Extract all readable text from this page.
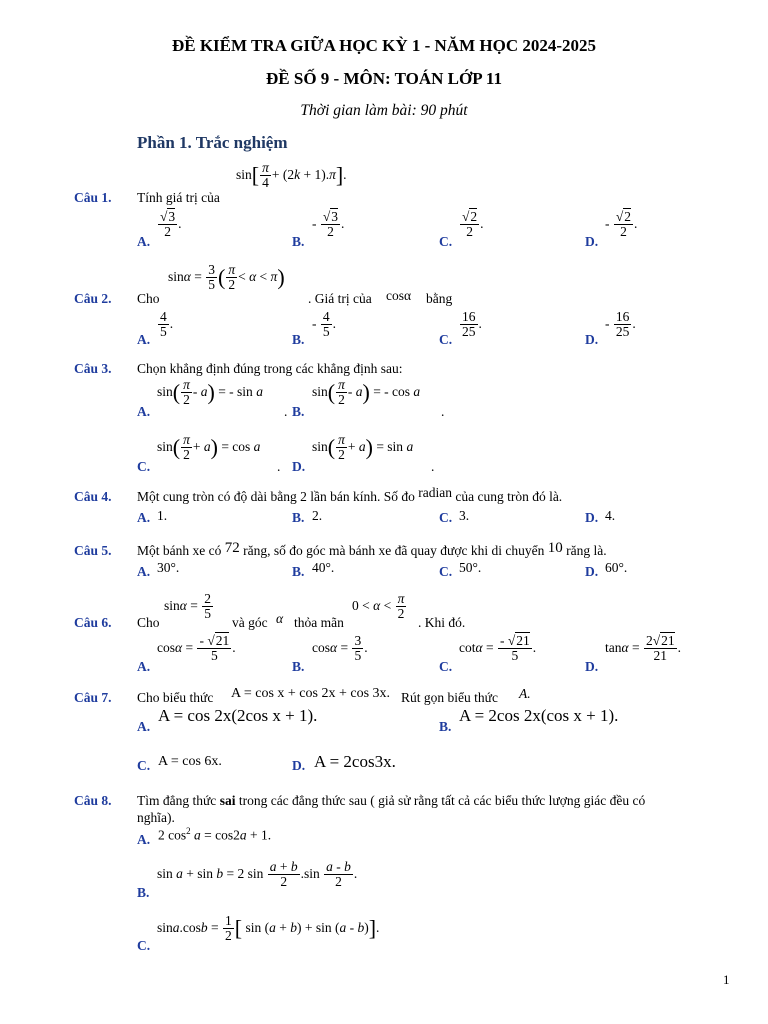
ĐỀ KIỂM TRA GIỮA HỌC KỲ 1 - NĂM HỌC 2024-2025
ĐỀ SỐ 9 - MÔN: TOÁN LỚP 11
Thời gian làm bài: 90 phút
Phần 1. Trắc nghiệm
Câu 1. Tính giá trị của
$\sin[ \frac{\pi}{4} + (2k + 1).\pi]$.
A.
$\frac{√3}{2}$ .
B.
- $\frac{√3}{2}$ .
C.
$\frac{√2}{2}$ .
D.
- $\frac{√2}{2}$ .
Câu 2. Cho
$\sin\alpha = \frac{3}{5}$ ( $\frac{\pi}{2} < \alpha < \pi$)
. Giá trị của cosα bằng
A.
$\frac{4}{5}$ .
B.
- $\frac{4}{5}$ .
C.
$\frac{16}{25}$ .
D.
- $\frac{16}{25}$ .
Câu 3. Chọn khẳng định đúng trong các khẳng định sau:
A.
$\sin( \frac{\pi}{2} - a)$ = - sin a
. B.
$\sin( \frac{\pi}{2} - a)$ = - cos a
.
C.
$\sin( \frac{\pi}{2} + a) = \cos a$
. D.
$\sin( \frac{\pi}{2} + a) = \sin a$
.
Câu 4. Một cung tròn có độ dài bằng 2 lần bán kính. Số đo radian của cung tròn đó là.
A. 1.	B. 2.	C. 3.	D. 4.
Câu 5. Một bánh xe có 72 răng, số đo góc mà bánh xe đã quay được khi di chuyển 10 răng là.
A. 30°.	B. 40°.	C. 50°.	D. 60°.
Câu 6. Cho
$\sin\alpha = \frac{2}{5}$
và góc α thỏa mãn
$0 < \alpha < \frac{\pi}{2}$
. Khi đó.
A.
$\cos\alpha = \frac{- √21}{5}$ .
B.
$\cos\alpha = \frac{3}{5}$ .
C.
$\cot\alpha = \frac{- √21}{5}$ .
D.
$\tan\alpha = \frac{2√21}{21}$ .
Câu 7. Cho biểu thức A = cos x + cos 2x + cos 3x. Rút gọn biểu thức A.
A.
A = cos 2x(2cos x + 1).
B.
A = 2cos 2x(cos x + 1).
C. A = cos 6x.	D. A = 2cos3x.
Câu 8. Tìm đẳng thức sai trong các đẳng thức sau ( giả sử rằng tất cả các biểu thức lượng giác đều có
nghĩa).
A. 2 $\cos^2 a = \cos 2a + 1$.
B.
sin a + sin b = 2 $\sin \frac{a + b}{2} .\sin \frac{a - b}{2}$ .
C.
$\sin a.\cos b = \frac{1}{2}$ [ sin (a + b) + sin (a - b)].
1
